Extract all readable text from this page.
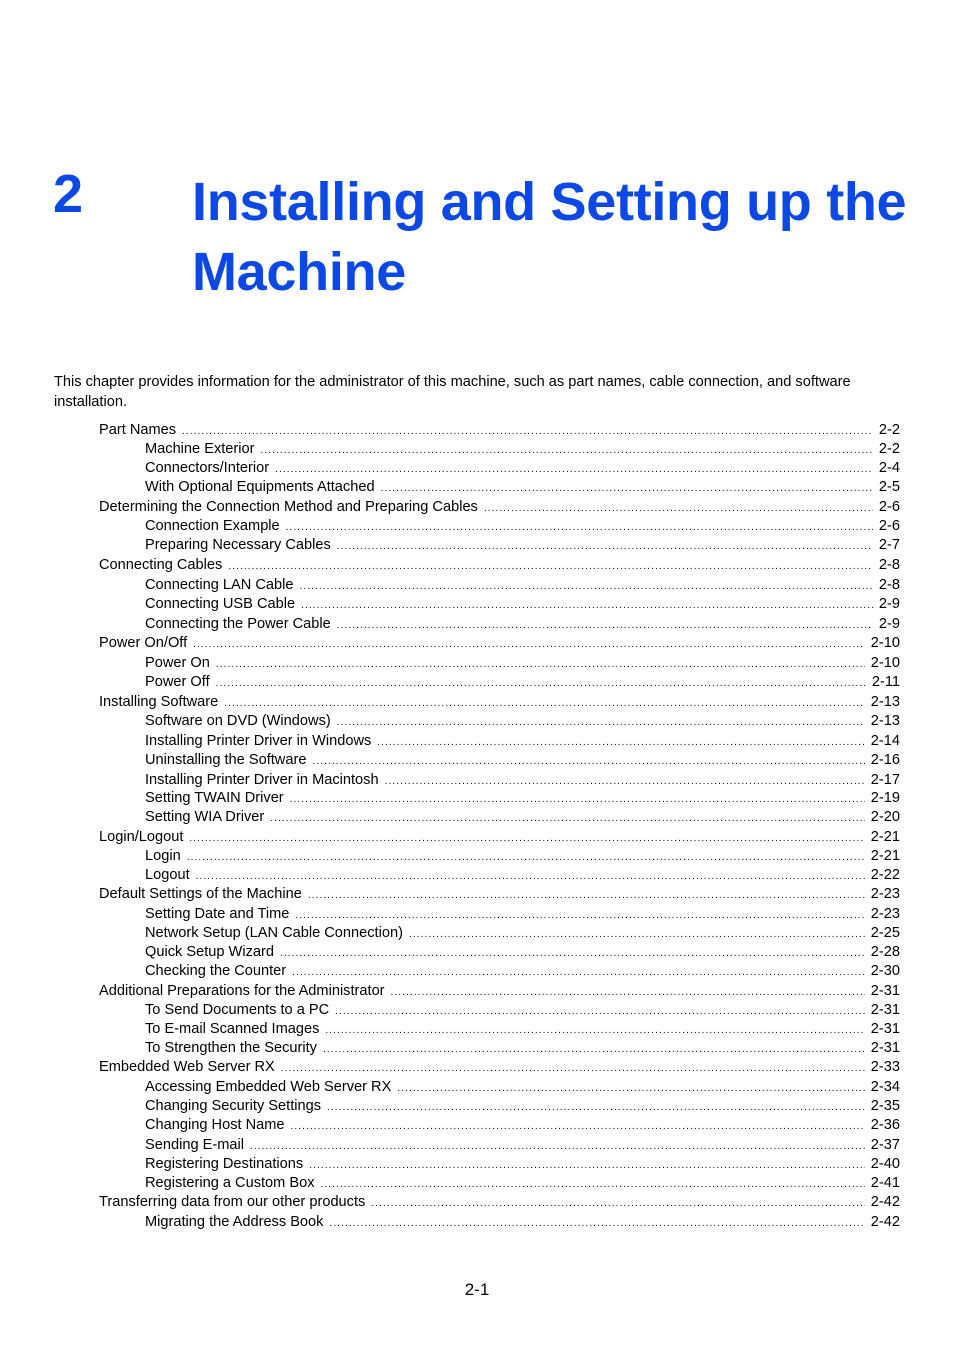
2 Installing and Setting up the Machine

This chapter provides information for the administrator of this machine, such as part names, cable connection, and software installation.

Part Names .....	2-2
Machine Exterior .....	2-2
Connectors/Interior .....	2-4
With Optional Equipments Attached .....	2-5
Determining the Connection Method and Preparing Cables .....	2-6
Connection Example .....	2-6
Preparing Necessary Cables .....	2-7
Connecting Cables .....	2-8
Connecting LAN Cable .....	2-8
Connecting USB Cable .....	2-9
Connecting the Power Cable .....	2-9
Power On/Off .....	2-10
Power On .....	2-10
Power Off .....	2-11
Installing Software .....	2-13
Software on DVD (Windows) .....	2-13
Installing Printer Driver in Windows .....	2-14
Uninstalling the Software .....	2-16
Installing Printer Driver in Macintosh .....	2-17
Setting TWAIN Driver .....	2-19
Setting WIA Driver .....	2-20
Login/Logout .....	2-21
Login .....	2-21
Logout .....	2-22
Default Settings of the Machine .....	2-23
Setting Date and Time .....	2-23
Network Setup (LAN Cable Connection) .....	2-25
Quick Setup Wizard .....	2-28
Checking the Counter .....	2-30
Additional Preparations for the Administrator .....	2-31
To Send Documents to a PC .....	2-31
To E-mail Scanned Images .....	2-31
To Strengthen the Security .....	2-31
Embedded Web Server RX .....	2-33
Accessing Embedded Web Server RX .....	2-34
Changing Security Settings .....	2-35
Changing Host Name .....	2-36
Sending E-mail .....	2-37
Registering Destinations .....	2-40
Registering a Custom Box .....	2-41
Transferring data from our other products .....	2-42
Migrating the Address Book .....	2-42
2-1
